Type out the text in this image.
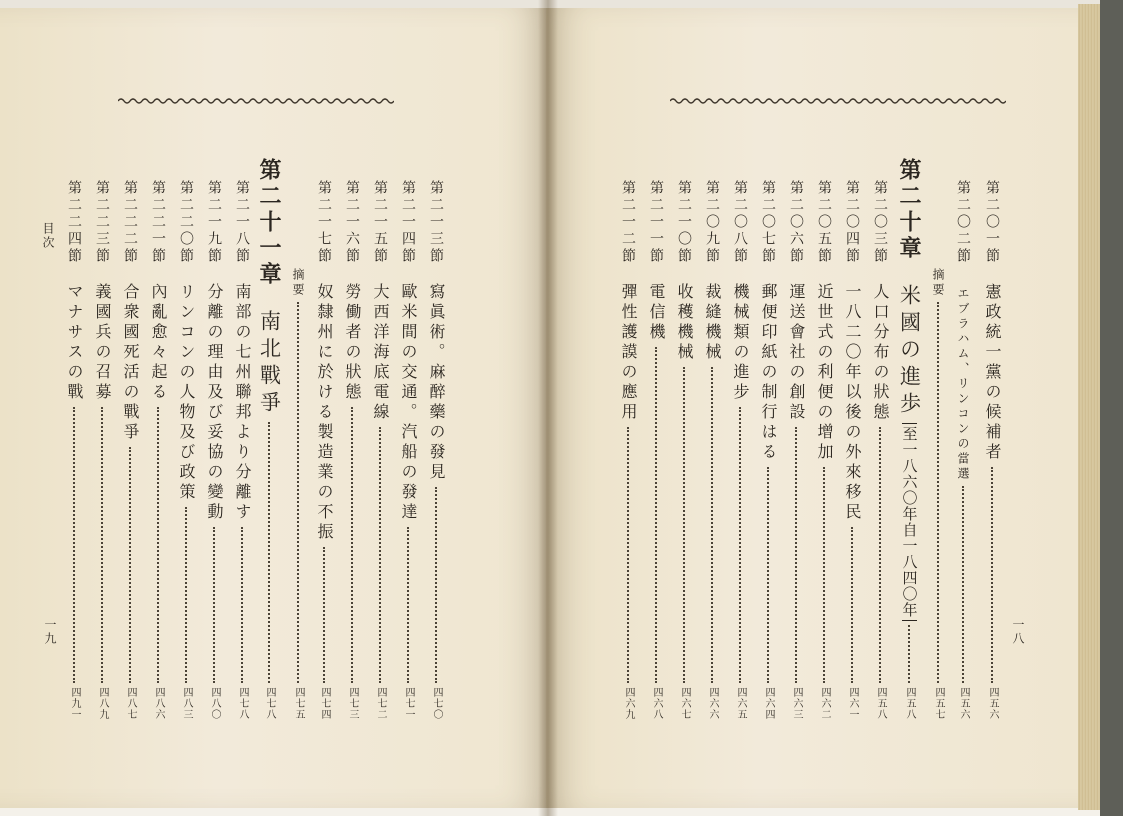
目次
一九
第二一三節
寫眞術。麻醉藥の發見
四七〇
第二一四節
歐米間の交通。汽船の發達
四七一
第二一五節
大西洋海底電線
四七二
第二一六節
勞働者の狀態
四七三
第二一七節
奴隸州に於ける製造業の不振
四七四
摘要
四七五
第二十一章
南北戰爭
四七八
第二一八節
南部の七州聯邦より分離す
四七八
第二一九節
分離の理由及び妥協の變動
四八〇
第二二〇節
リンコンの人物及び政策
四八三
第二二一節
內亂愈々起る
四八六
第二二二節
合衆國死活の戰爭
四八七
第二二三節
義國兵の召募
四八九
第二二四節
マナサスの戰
四九一
一八
第二〇一節
憲政統一黨の候補者
四五六
第二〇二節
エブラハム、リンコンの當選
四五六
摘要
四五七
第二十章
米國の進歩
自一八四〇年
至一八六〇年
四五八
第二〇三節
人口分布の狀態
四五八
第二〇四節
一八二〇年以後の外來移民
四六一
第二〇五節
近世式の利便の增加
四六二
第二〇六節
運送會社の創設
四六三
第二〇七節
郵便印紙の制行はる
四六四
第二〇八節
機械類の進步
四六五
第二〇九節
裁縫機械
四六六
第二一〇節
收穫機械
四六七
第二一一節
電信機
四六八
第二一二節
彈性護謨の應用
四六九
